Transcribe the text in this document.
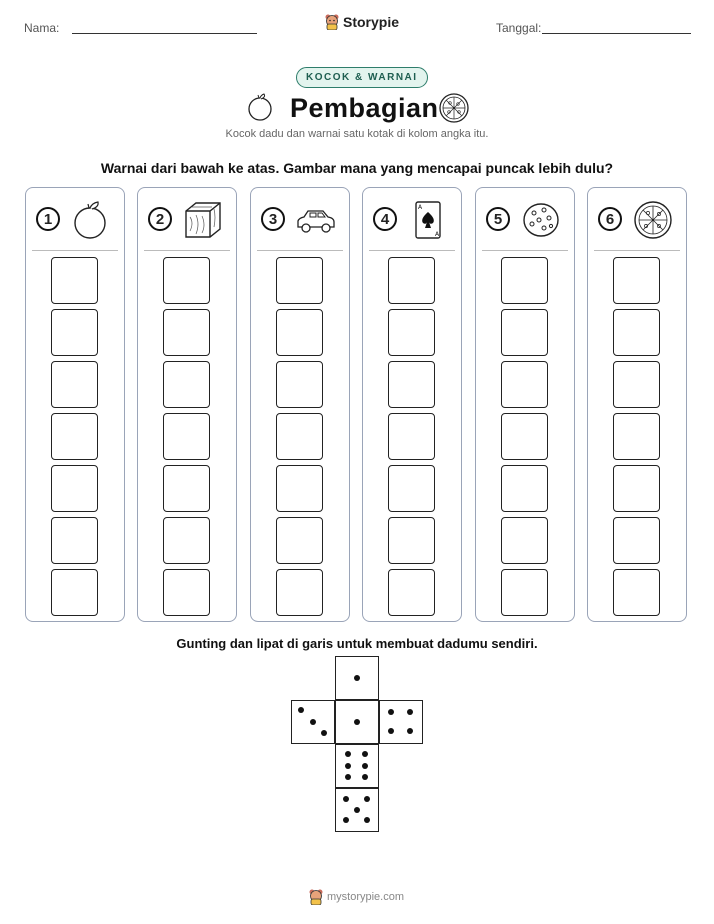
Nama:	Storypie	Tanggal:
KOCOK & WARNAI
Pembagian
Kocok dadu dan warnai satu kotak di kolom angka itu.
Warnai dari bawah ke atas. Gambar mana yang mencapai puncak lebih dulu?
1	2	3	4
A
A
5	6
Gunting dan lipat di garis untuk membuat dadumu sendiri.
mystorypie.com
